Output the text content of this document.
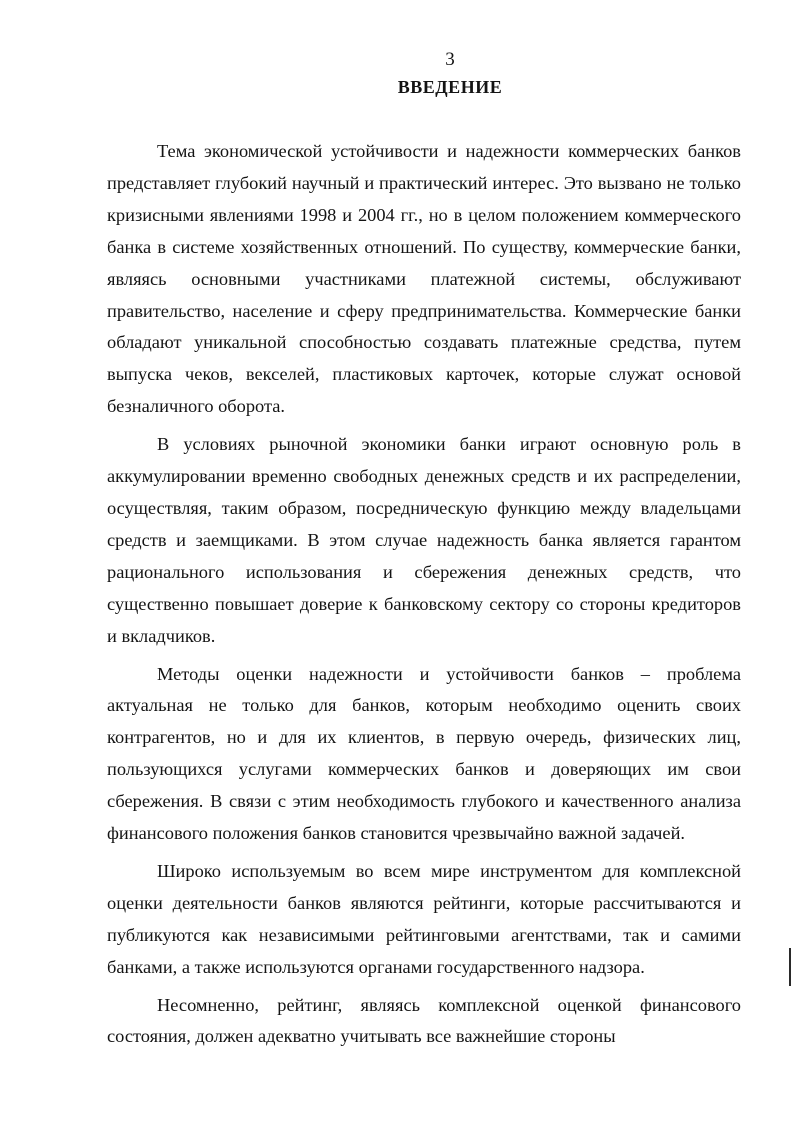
3
ВВЕДЕНИЕ

Тема экономической устойчивости и надежности коммерческих банков представляет глубокий научный и практический интерес. Это вызвано не только кризисными явлениями 1998 и 2004 гг., но в целом положением коммерческого банка в системе хозяйственных отношений. По существу, коммерческие банки, являясь основными участниками платежной системы, обслуживают правительство, население и сферу предпринимательства. Коммерческие банки обладают уникальной способностью создавать платежные средства, путем выпуска чеков, векселей, пластиковых карточек, которые служат основой безналичного оборота.

В условиях рыночной экономики банки играют основную роль в аккумулировании временно свободных денежных средств и их распределении, осуществляя, таким образом, посредническую функцию между владельцами средств и заемщиками. В этом случае надежность банка является гарантом рационального использования и сбережения денежных средств, что существенно повышает доверие к банковскому сектору со стороны кредиторов и вкладчиков.

Методы оценки надежности и устойчивости банков – проблема актуальная не только для банков, которым необходимо оценить своих контрагентов, но и для их клиентов, в первую очередь, физических лиц, пользующихся услугами коммерческих банков и доверяющих им свои сбережения. В связи с этим необходимость глубокого и качественного анализа финансового положения банков становится чрезвычайно важной задачей.

Широко используемым во всем мире инструментом для комплексной оценки деятельности банков являются рейтинги, которые рассчитываются и публикуются как независимыми рейтинговыми агентствами, так и самими банками, а также используются органами государственного надзора.

Несомненно, рейтинг, являясь комплексной оценкой финансового состояния, должен адекватно учитывать все важнейшие стороны
